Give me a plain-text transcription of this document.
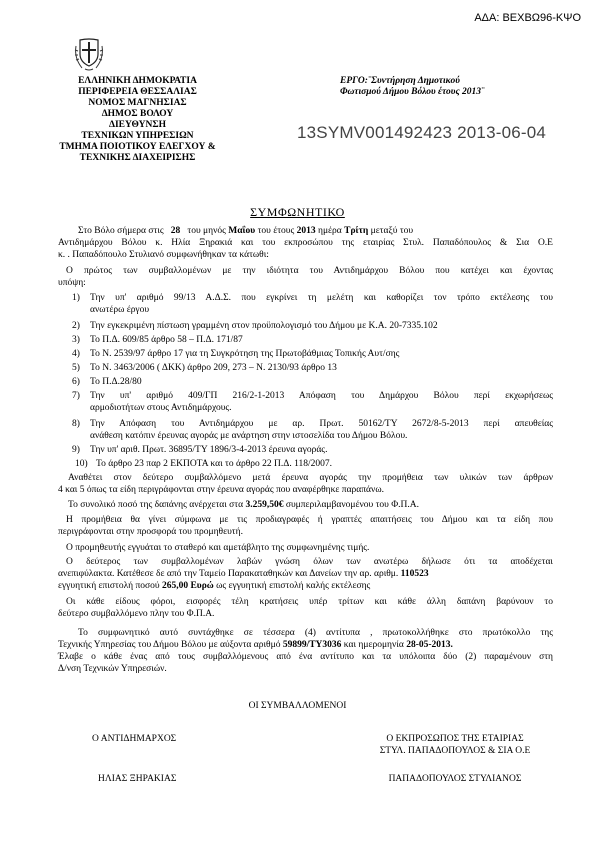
ΑΔΑ: ΒΕΧΒΩ96-ΚΨΟ
ΕΛΛΗΝΙΚΗ ΔΗΜΟΚΡΑΤΙΑ
ΠΕΡΙΦΕΡΕΙΑ ΘΕΣΣΑΛΙΑΣ
ΝΟΜΟΣ ΜΑΓΝΗΣΙΑΣ
ΔΗΜΟΣ ΒΟΛΟΥ
ΔΙΕΥΘΥΝΣΗ
ΤΕΧΝΙΚΩΝ ΥΠΗΡΕΣΙΩΝ
ΤΜΗΜΑ ΠΟΙΟΤΙΚΟΥ ΕΛΕΓΧΟΥ &
ΤΕΧΝΙΚΗΣ ΔΙΑΧΕΙΡΙΣΗΣ
ΕΡΓΟ:¨Συντήρηση Δημοτικού
Φωτισμού Δήμου Βόλου έτους 2013¨
13SYMV001492423 2013-06-04
ΣΥΜΦΩΝΗΤΙΚΟ
Στο Βόλο σήμερα στις 28 του μηνός Μαΐου του έτους 2013 ημέρα Τρίτη μεταξύ του
Αντιδημάρχου Βόλου κ. Ηλία Ξηρακιά και του εκπροσώπου της εταιρίας Στυλ. Παπαδόπουλος & Σια Ο.Ε
κ. . Παπαδόπουλο Στυλιανό συμφωνήθηκαν τα κάτωθι:
Ο πρώτος των συμβαλλομένων με την ιδιότητα του Αντιδημάρχου Βόλου που κατέχει και έχοντας
υπόψη:
1) Την υπ' αριθμό 99/13 Α.Δ.Σ. που εγκρίνει τη μελέτη και καθορίζει τον τρόπο εκτέλεσης του
ανωτέρω έργου
2) Την εγκεκριμένη πίστωση γραμμένη στον προϋπολογισμό του Δήμου με Κ.Α. 20-7335.102
3) Το Π.Δ. 609/85 άρθρο 58 – Π.Δ. 171/87
4) Το Ν. 2539/97 άρθρο 17 για τη Συγκρότηση της Πρωτοβάθμιας Τοπικής Αυτ/σης
5) Το Ν. 3463/2006 ( ΔΚΚ) άρθρο 209, 273 – Ν. 2130/93 άρθρο 13
6) Το Π.Δ.28/80
7) Την υπ' αριθμό 409/ΓΠ 216/2-1-2013 Απόφαση του Δημάρχου Βόλου περί εκχωρήσεως
αρμοδιοτήτων στους Αντιδημάρχους.
8) Την Απόφαση του Αντιδημάρχου με αρ. Πρωτ. 50162/ΤΥ 2672/8-5-2013 περί απευθείας
ανάθεση κατόπιν έρευνας αγοράς με ανάρτηση στην ιστοσελίδα του Δήμου Βόλου.
9) Την υπ' αριθ. Πρωτ. 36895/ΤΥ 1896/3-4-2013 έρευνα αγοράς.
10) Το άρθρο 23 παρ 2 ΕΚΠΟΤΑ και το άρθρο 22 Π.Δ. 118/2007.
Αναθέτει στον δεύτερο συμβαλλόμενο μετά έρευνα αγοράς την προμήθεια των υλικών των άρθρων
4 και 5 όπως τα είδη περιγράφονται στην έρευνα αγοράς που αναφέρθηκε παραπάνω.
Το συνολικό ποσό της δαπάνης ανέρχεται στα 3.259,50€ συμπεριλαμβανομένου του Φ.Π.Α.
Η προμήθεια θα γίνει σύμφωνα με τις προδιαγραφές ή γραπτές απαιτήσεις του Δήμου και τα είδη που
περιγράφονται στην προσφορά του προμηθευτή.
Ο προμηθευτής εγγυάται το σταθερό και αμετάβλητο της συμφωνημένης τιμής.
Ο δεύτερος των συμβαλλομένων λαβών γνώση όλων των ανωτέρω δήλωσε ότι τα αποδέχεται
ανεπιφύλακτα. Κατέθεσε δε από την Ταμείο Παρακαταθηκών και Δανείων την αρ. αριθμ. 110523
εγγυητική επιστολή ποσού 265,00 Ευρώ ως εγγυητική επιστολή καλής εκτέλεσης
Οι κάθε είδους φόροι, εισφορές τέλη κρατήσεις υπέρ τρίτων και κάθε άλλη δαπάνη βαρύνουν το
δεύτερο συμβαλλόμενο πλην του Φ.Π.Α.
Το συμφωνητικό αυτό συντάχθηκε σε τέσσερα (4) αντίτυπα , πρωτοκολλήθηκε στο πρωτόκολλο της
Τεχνικής Υπηρεσίας του Δήμου Βόλου με αύξοντα αριθμό 59899/ΤΥ3036 και ημερομηνία 28-05-2013.
Έλαβε ο κάθε ένας από τους συμβαλλόμενους από ένα αντίτυπο και τα υπόλοιπα δύο (2) παραμένουν στη
Δ/νση Τεχνικών Υπηρεσιών.
ΟΙ ΣΥΜΒΑΛΛΟΜΕΝΟΙ
Ο ΑΝΤΙΔΗΜΑΡΧΟΣ	Ο ΕΚΠΡΟΣΩΠΟΣ ΤΗΣ ΕΤΑΙΡΙΑΣ
ΣΤΥΛ. ΠΑΠΑΔΟΠΟΥΛΟΣ & ΣΙΑ Ο.Ε
ΗΛΙΑΣ ΞΗΡΑΚΙΑΣ	ΠΑΠΑΔΟΠΟΥΛΟΣ ΣΤΥΛΙΑΝΟΣ
